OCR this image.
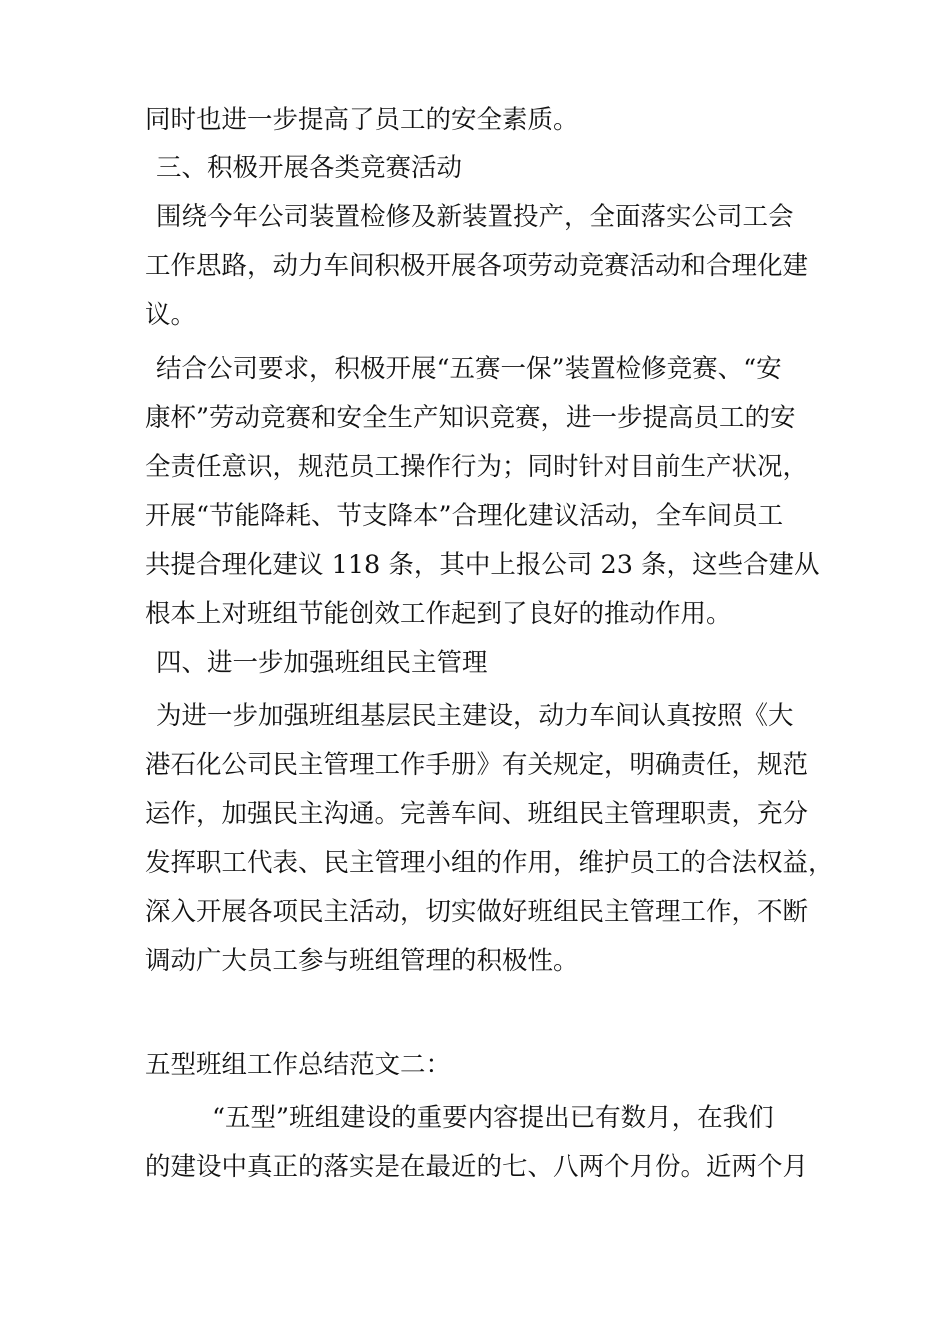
同时也进一步提高了员工的安全素质。
三、积极开展各类竞赛活动
围绕今年公司装置检修及新装置投产，全面落实公司工会
工作思路，动力车间积极开展各项劳动竞赛活动和合理化建
议。
结合公司要求，积极开展“五赛一保”装置检修竞赛、“安
康杯”劳动竞赛和安全生产知识竞赛，进一步提高员工的安
全责任意识，规范员工操作行为；同时针对目前生产状况，
开展“节能降耗、节支降本”合理化建议活动，全车间员工
共提合理化建议 118 条，其中上报公司 23 条，这些合建从
根本上对班组节能创效工作起到了良好的推动作用。
四、进一步加强班组民主管理
为进一步加强班组基层民主建设，动力车间认真按照《大
港石化公司民主管理工作手册》有关规定，明确责任，规范
运作，加强民主沟通。完善车间、班组民主管理职责，充分
发挥职工代表、民主管理小组的作用，维护员工的合法权益，
深入开展各项民主活动，切实做好班组民主管理工作，不断
调动广大员工参与班组管理的积极性。
五型班组工作总结范文二：
“五型”班组建设的重要内容提出已有数月，在我们
的建设中真正的落实是在最近的七、八两个月份。近两个月
